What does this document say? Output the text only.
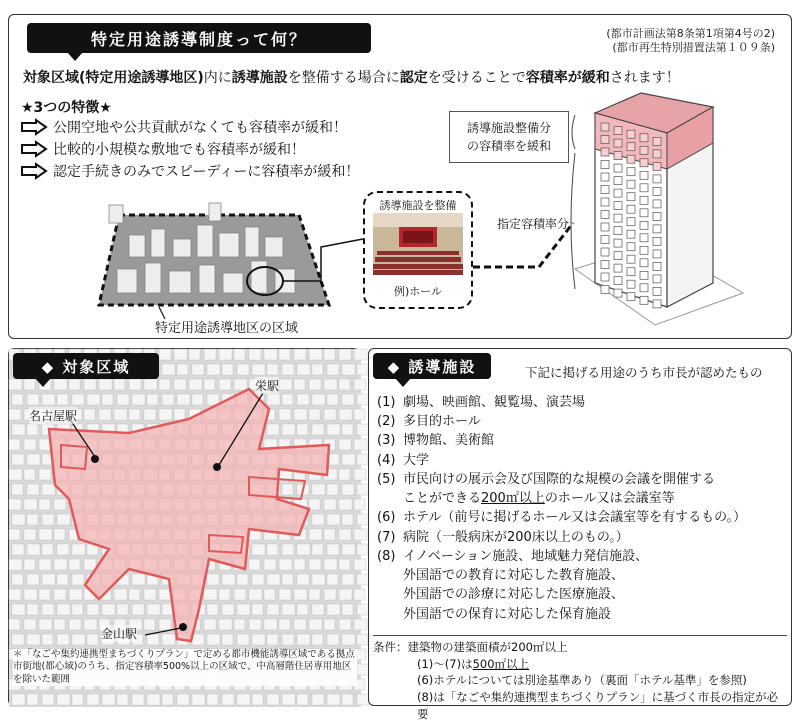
特定用途誘導制度って何？	(都市計画法第8条第1項第4号の2)
(都市再生特別措置法第１０９条)
対象区域(特定用途誘導地区)内に誘導施設を整備する場合に認定を受けることで容積率が緩和されます！
★3つの特徴★
公開空地や公共貢献がなくても容積率が緩和！
比較的小規模な敷地でも容積率が緩和！
認定手続きのみでスピーディーに容積率が緩和！
特定用途誘導地区の区域
誘導施設を整備
例)ホール
誘導施設整備分
の容積率を緩和
指定容積率分
◆ 対象区域
名古屋駅
栄駅
金山駅
＊「なごや集約連携型まちづくりプラン」で定める都市機能誘導区域である拠点市街地(都心域)のうち、指定容積率500%以上の区域で、中高層階住居専用地区を除いた範囲
◆ 誘導施設	下記に掲げる用途のうち市長が認めたもの
(1) 劇場、映画館、観覧場、演芸場
(2) 多目的ホール
(3) 博物館、美術館
(4) 大学
(5) 市民向けの展示会及び国際的な規模の会議を開催する
ことができる 200㎡以上 のホール又は会議室等
(6) ホテル（前号に掲げるホール又は会議室等を有するもの。）
(7) 病院（一般病床が200床以上のもの。）
(8) イノベーション施設、地域魅力発信施設、
外国語での教育に対応した教育施設、
外国語での診療に対応した医療施設、
外国語での保育に対応した保育施設
条件：建築物の建築面積が200㎡以上
(1)〜(7)は500㎡以上
(6)ホテルについては別途基準あり（裏面「ホテル基準」を参照)
(8)は「なごや集約連携型まちづくりプラン」に基づく市長の指定が必要
